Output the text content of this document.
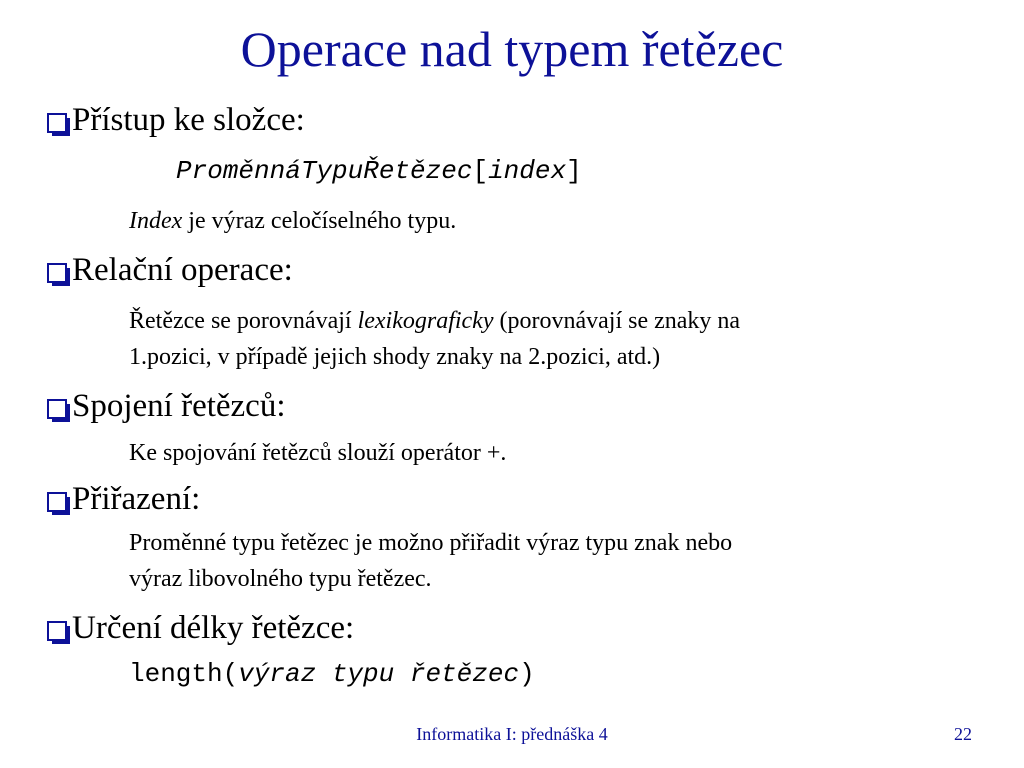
Operace nad typem řetězec
Přístup ke složce:
ProměnnáTypuŘetězec[index]
Index je výraz celočíselného typu.
Relační operace:
Řetězce se porovnávají lexikograficky (porovnávají se znaky na
1.pozici, v případě jejich shody znaky na 2.pozici, atd.)
Spojení řetězců:
Ke spojování řetězců slouží operátor +.
Přiřazení:
Proměnné typu řetězec je možno přiřadit výraz typu znak nebo
výraz libovolného typu řetězec.
Určení délky řetězce:
length(výraz typu řetězec)
Informatika I: přednáška 4	22
